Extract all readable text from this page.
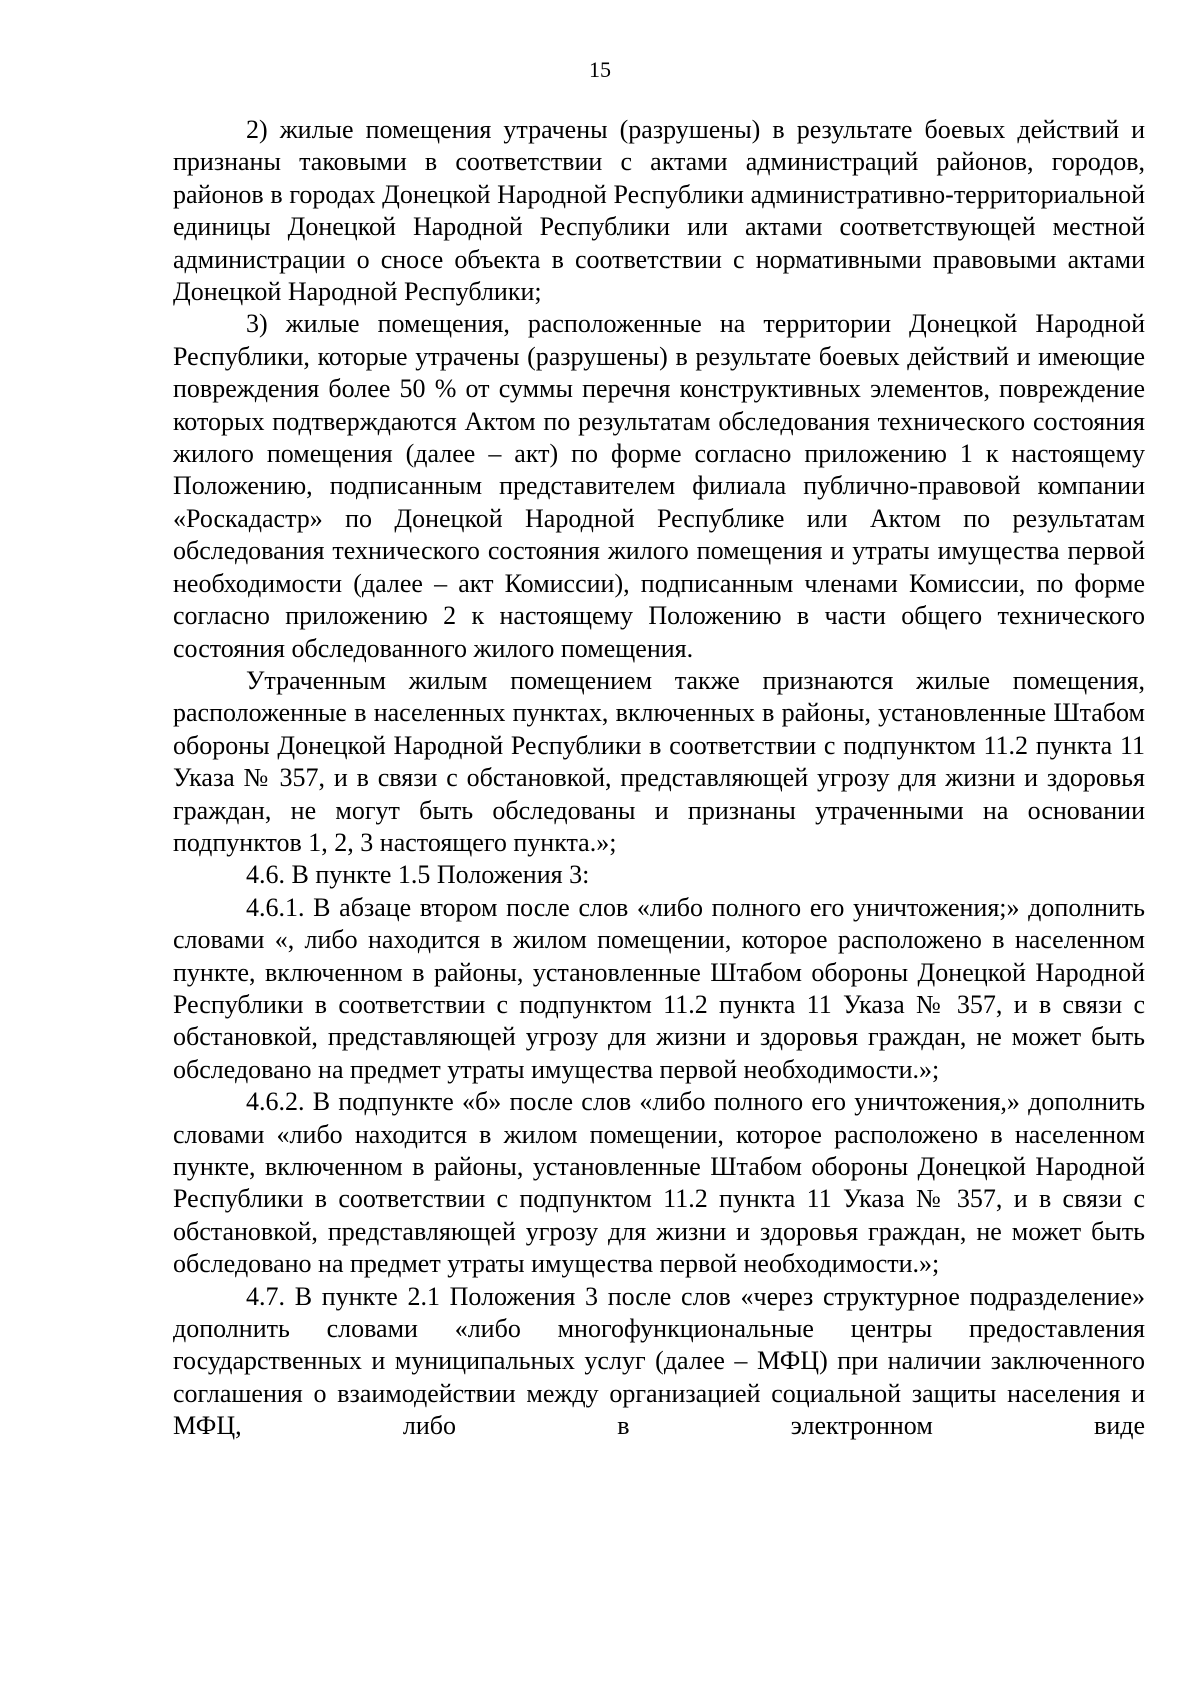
15

2) жилые помещения утрачены (разрушены) в результате боевых действий и признаны таковыми в соответствии с актами администраций районов, городов, районов в городах Донецкой Народной Республики административно-территориальной единицы Донецкой Народной Республики или актами соответствующей местной администрации о сносе объекта в соответствии с нормативными правовыми актами Донецкой Народной Республики;

3) жилые помещения, расположенные на территории Донецкой Народной Республики, которые утрачены (разрушены) в результате боевых действий и имеющие повреждения более 50 % от суммы перечня конструктивных элементов, повреждение которых подтверждаются Актом по результатам обследования технического состояния жилого помещения (далее – акт) по форме согласно приложению 1 к настоящему Положению, подписанным представителем филиала публично-правовой компании «Роскадастр» по Донецкой Народной Республике или Актом по результатам обследования технического состояния жилого помещения и утраты имущества первой необходимости (далее – акт Комиссии), подписанным членами Комиссии, по форме согласно приложению 2 к настоящему Положению в части общего технического состояния обследованного жилого помещения.

Утраченным жилым помещением также признаются жилые помещения, расположенные в населенных пунктах, включенных в районы, установленные Штабом обороны Донецкой Народной Республики в соответствии с подпунктом 11.2 пункта 11 Указа № 357, и в связи с обстановкой, представляющей угрозу для жизни и здоровья граждан, не могут быть обследованы и признаны утраченными на основании подпунктов 1, 2, 3 настоящего пункта.»;

4.6. В пункте 1.5 Положения 3:

4.6.1. В абзаце втором после слов «либо полного его уничтожения;» дополнить словами «, либо находится в жилом помещении, которое расположено в населенном пункте, включенном в районы, установленные Штабом обороны Донецкой Народной Республики в соответствии с подпунктом 11.2 пункта 11 Указа № 357, и в связи с обстановкой, представляющей угрозу для жизни и здоровья граждан, не может быть обследовано на предмет утраты имущества первой необходимости.»;

4.6.2. В подпункте «б» после слов «либо полного его уничтожения,» дополнить словами «либо находится в жилом помещении, которое расположено в населенном пункте, включенном в районы, установленные Штабом обороны Донецкой Народной Республики в соответствии с подпунктом 11.2 пункта 11 Указа № 357, и в связи с обстановкой, представляющей угрозу для жизни и здоровья граждан, не может быть обследовано на предмет утраты имущества первой необходимости.»;

4.7. В пункте 2.1 Положения 3 после слов «через структурное подразделение» дополнить словами «либо многофункциональные центры предоставления государственных и муниципальных услуг (далее – МФЦ) при наличии заключенного соглашения о взаимодействии между организацией социальной защиты населения и МФЦ, либо в электронном виде
